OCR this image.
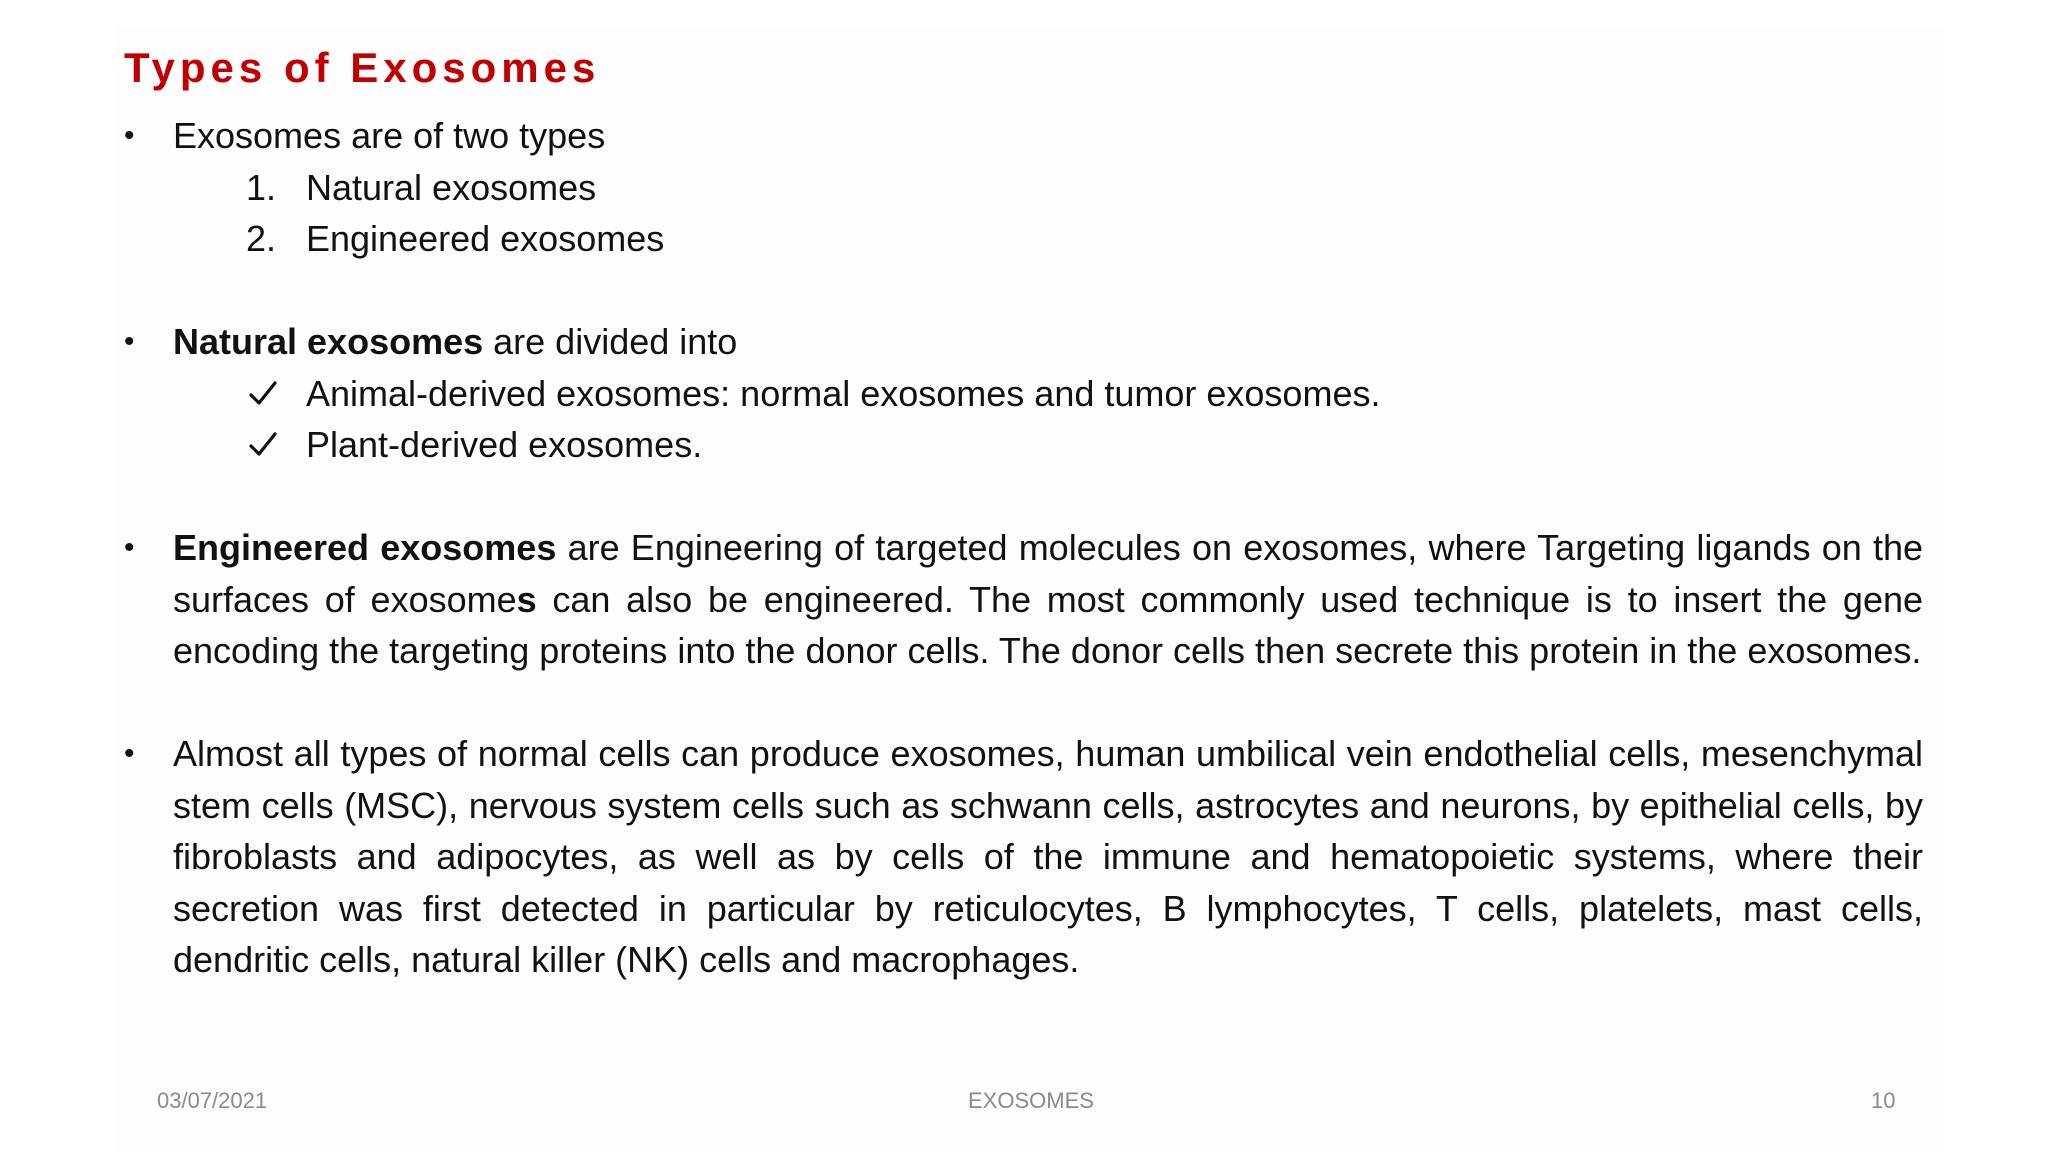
Types of Exosomes
• Exosomes are of two types
1. Natural exosomes
2. Engineered exosomes
• Natural exosomes are divided into
Animal-derived exosomes: normal exosomes and tumor exosomes.
Plant-derived exosomes.
• Engineered exosomes are Engineering of targeted molecules on exosomes, where Targeting ligands on the surfaces of exosomes can also be engineered. The most commonly used technique is to insert the gene encoding the targeting proteins into the donor cells. The donor cells then secrete this protein in the exosomes.
• Almost all types of normal cells can produce exosomes, human umbilical vein endothelial cells, mesenchymal stem cells (MSC), nervous system cells such as schwann cells, astrocytes and neurons, by epithelial cells, by fibroblasts and adipocytes, as well as by cells of the immune and hematopoietic systems, where their secretion was first detected in particular by reticulocytes, B lymphocytes, T cells, platelets, mast cells, dendritic cells, natural killer (NK) cells and macrophages.
03/07/2021	EXOSOMES	10
